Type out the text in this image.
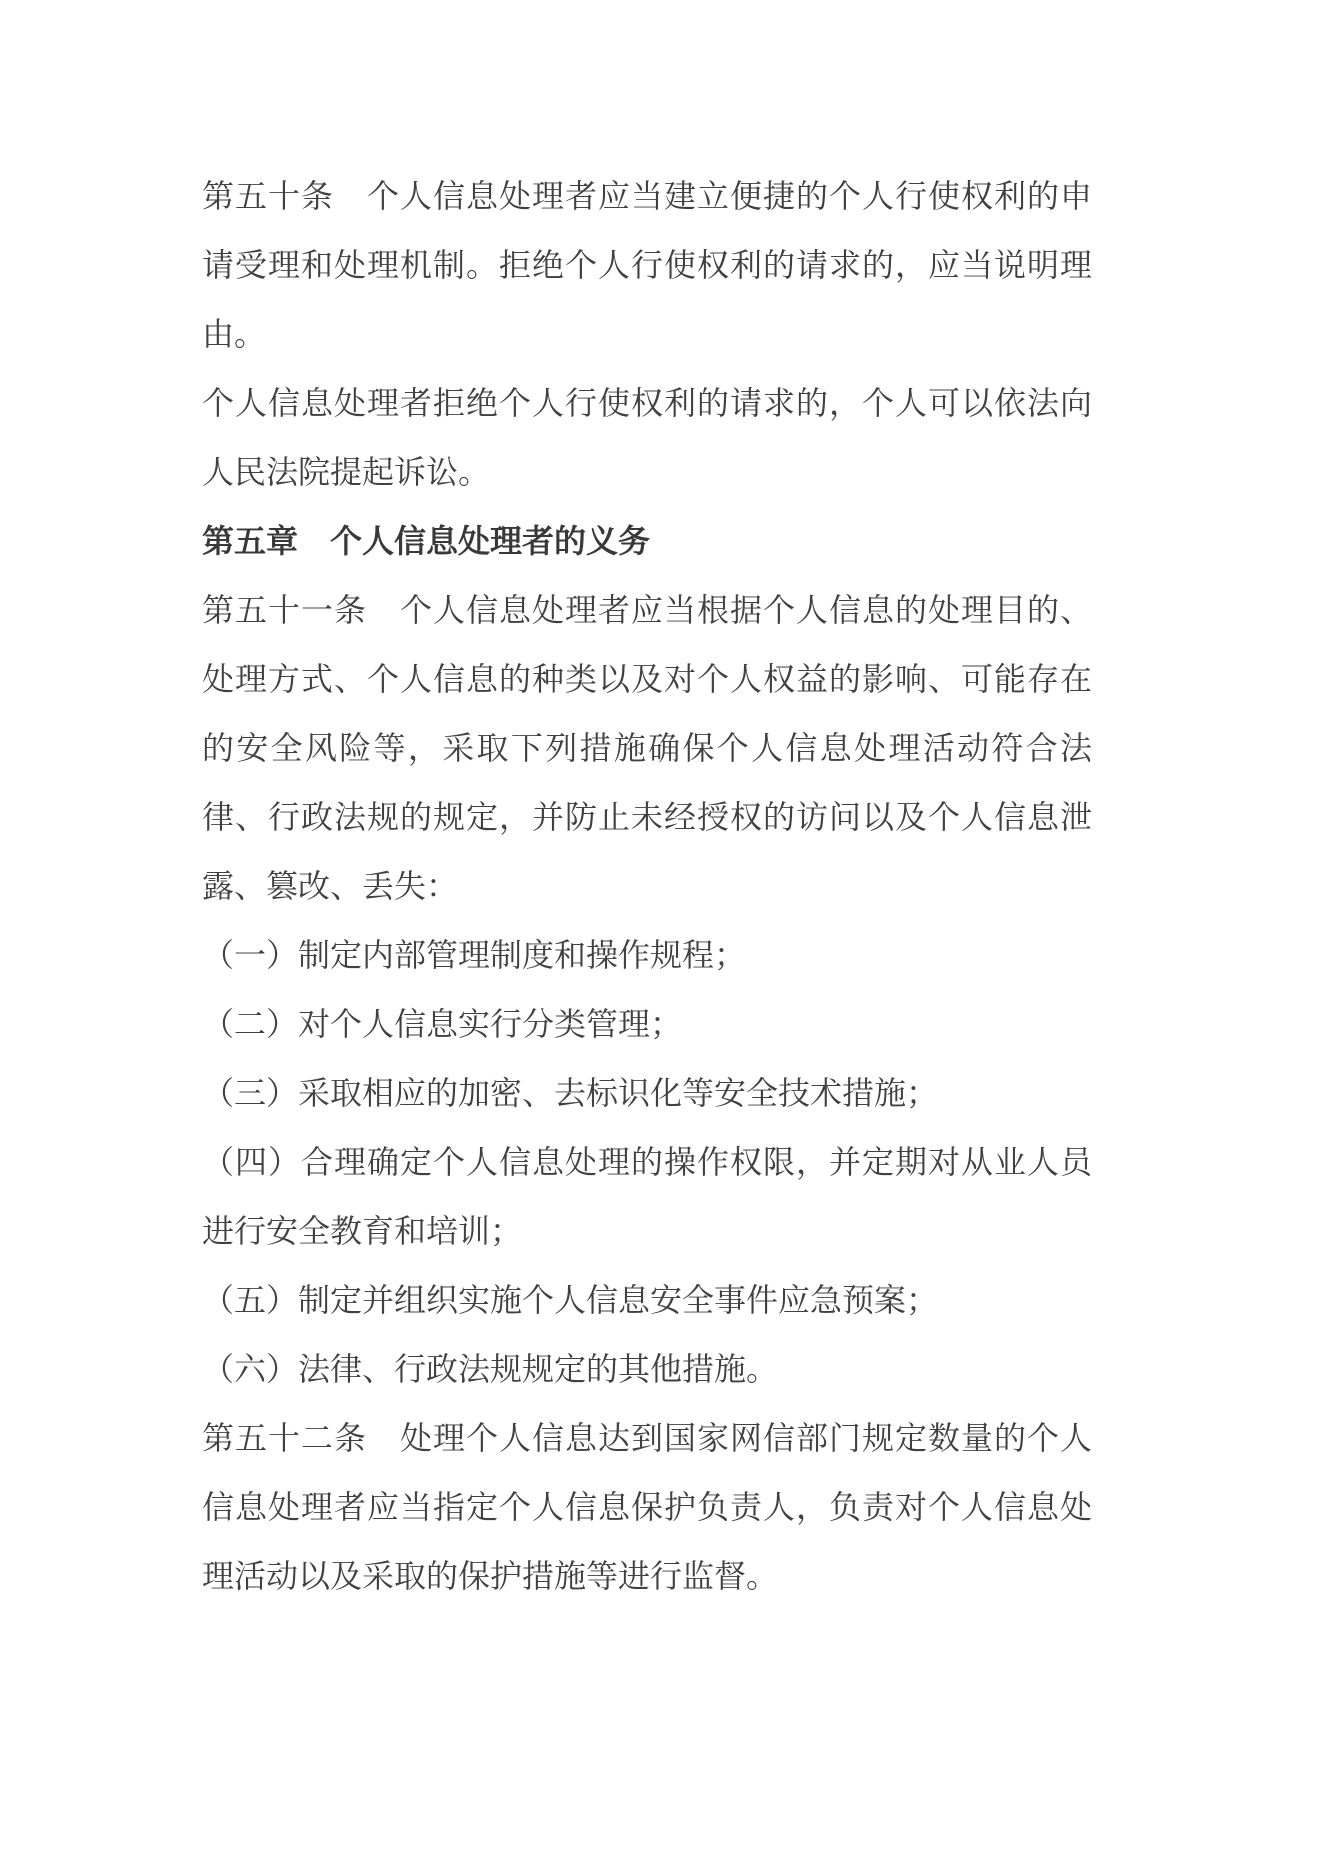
第五十条　个人信息处理者应当建立便捷的个人行使权利的申
请受理和处理机制。拒绝个人行使权利的请求的，应当说明理
由。
个人信息处理者拒绝个人行使权利的请求的，个人可以依法向
人民法院提起诉讼。
第五章　个人信息处理者的义务
第五十一条　个人信息处理者应当根据个人信息的处理目的、
处理方式、个人信息的种类以及对个人权益的影响、可能存在
的安全风险等，采取下列措施确保个人信息处理活动符合法
律、行政法规的规定，并防止未经授权的访问以及个人信息泄
露、篡改、丢失：
（一）制定内部管理制度和操作规程；
（二）对个人信息实行分类管理；
（三）采取相应的加密、去标识化等安全技术措施；
（四）合理确定个人信息处理的操作权限，并定期对从业人员
进行安全教育和培训；
（五）制定并组织实施个人信息安全事件应急预案；
（六）法律、行政法规规定的其他措施。
第五十二条　处理个人信息达到国家网信部门规定数量的个人
信息处理者应当指定个人信息保护负责人，负责对个人信息处
理活动以及采取的保护措施等进行监督。
